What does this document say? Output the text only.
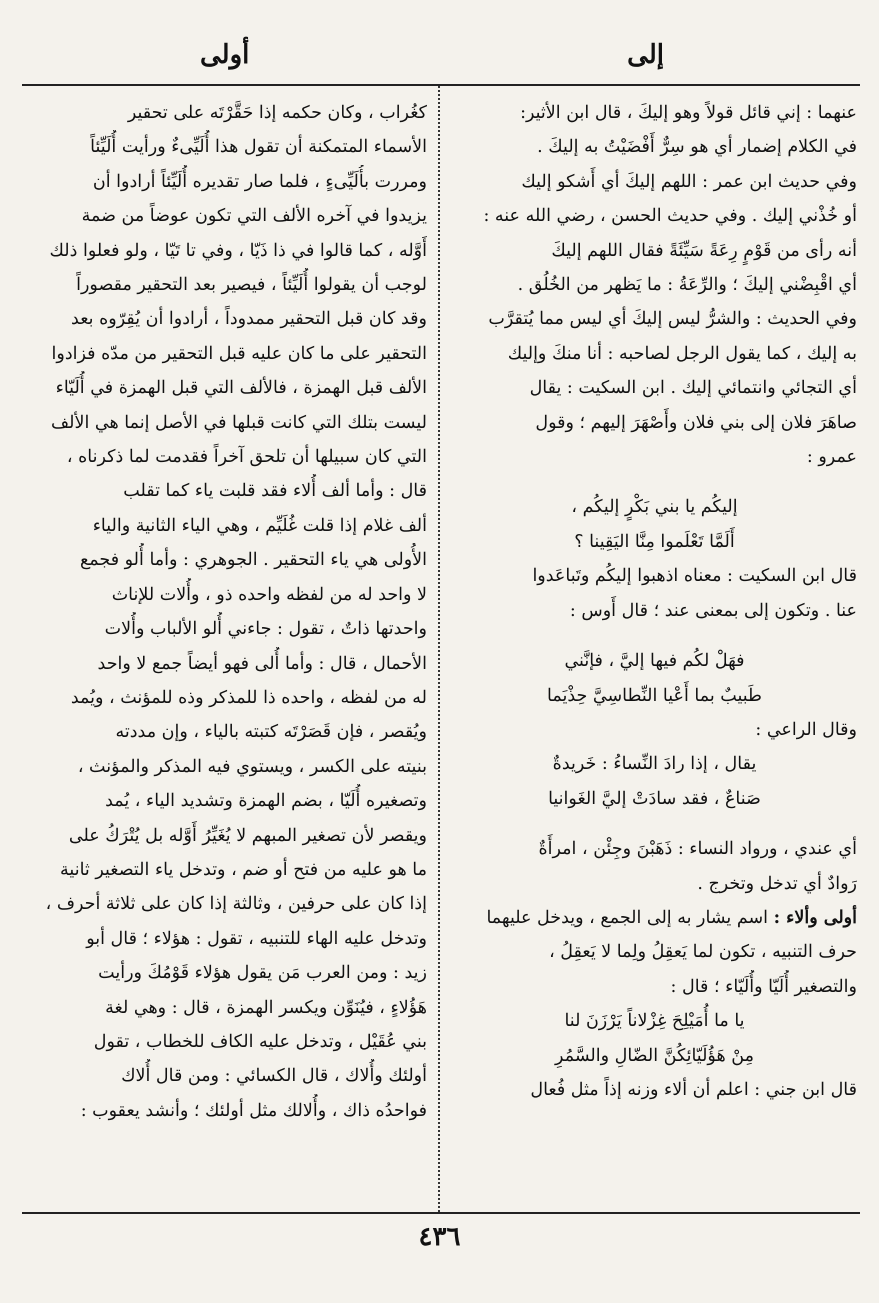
إلى
أولى
عنهما : إني قائل قولاً وهو إليكَ ، قال ابن الأثير:
في الكلام إضمار أي هو سِرٌّ أَفْضَيْتُ به إليكَ .
وفي حديث ابن عمر : اللهم إليكَ أي أَشكو إليك
أو خُذْني إليك . وفي حديث الحسن ، رضي الله عنه :
أنه رأى من قَوْمٍ رِعَةً سَيِّئَةً فقال اللهم إليكَ
أي اقْبِضْني إليكَ ؛ والرِّعَةُ : ما يَظهر من الخُلُق .
وفي الحديث : والشرُّ ليس إليكَ أي ليس مما يُتقرَّب
به إليك ، كما يقول الرجل لصاحبه : أنا منكَ وإليك
أي التجائي وانتمائي إليك . ابن السكيت : يقال
صاهَرَ فلان إلى بني فلان وأَصْهَرَ إليهم ؛ وقول
عمرو :
إليكُم يا بني بَكْرٍ إليكُم ،
أَلَمَّا تَعْلَموا مِنَّا اليَقِينا ؟
قال ابن السكيت : معناه اذهبوا إليكُم وتَباعَدوا
عنا . وتكون إلى بمعنى عند ؛ قال أَوس :
فهَلْ لكُم فيها إليَّ ، فإنَّني
طَبيبٌ بما أَعْيا النِّطاسِيَّ حِذْيَما
وقال الراعي :
يقال ، إذا رادَ النِّساءُ : خَريدةٌ
صَناعٌ ، فقد سادَتْ إليَّ الغَوانيا
أي عندي ، ورواد النساء : ذَهَبْنَ وجِئْن ، امرأَةٌ
رَوادٌ أي تدخل وتخرج .
أولى وألاء : اسم يشار به إلى الجمع ، ويدخل عليهما
حرف التنبيه ، تكون لما يَعقِلُ ولِما لا يَعقِلُ ،
والتصغير أُلَيّا وأُلَيّاء ؛ قال :
يا ما أُمَيْلِحَ غِزْلاناً يَرْزَنَ لنا
مِنْ هَؤُلَيّائِكُنَّ الضّالِ والسَّمُرِ
قال ابن جني : اعلم أن ألاء وزنه إذاً مثل فُعال
كغُراب ، وكان حكمه إذا حَقَّرْتَه على تحقير
الأسماء المتمكنة أن تقول هذا أُلَيِّىءٌ ورأيت أُلَيِّئاً
ومررت بأُلَيِّىءٍ ، فلما صار تقديره أُلَيِّئاً أرادوا أن
يزيدوا في آخره الألف التي تكون عوضاً من ضمة
أَوَّله ، كما قالوا في ذا ذَيّا ، وفي تا تَيّا ، ولو فعلوا ذلك
لوجب أن يقولوا أُلَيِّئاً ، فيصير بعد التحقير مقصوراً
وقد كان قبل التحقير ممدوداً ، أرادوا أن يُقِرّوه بعد
التحقير على ما كان عليه قبل التحقير من مدّه فزادوا
الألف قبل الهمزة ، فالألف التي قبل الهمزة في أُلَيّاء
ليست بتلك التي كانت قبلها في الأصل إنما هي الألف
التي كان سبيلها أن تلحق آخراً فقدمت لما ذكرناه ،
قال : وأما ألف أُلاء فقد قلبت ياء كما تقلب
ألف غلام إذا قلت غُلَيِّم ، وهي الياء الثانية والياء
الأُولى هي ياء التحقير . الجوهري : وأما أُلو فجمع
لا واحد له من لفظه واحده ذو ، وأُلات للإناث
واحدتها ذاتٌ ، تقول : جاءني أُلو الألباب وأُلات
الأحمال ، قال : وأما أُلى فهو أيضاً جمع لا واحد
له من لفظه ، واحده ذا للمذكر وذه للمؤنث ، ويُمد
ويُقصر ، فإن قَصَرْتَه كتبته بالياء ، وإن مددته
بنيته على الكسر ، ويستوي فيه المذكر والمؤنث ،
وتصغيره أُلَيّا ، بضم الهمزة وتشديد الياء ، يُمد
ويقصر لأن تصغير المبهم لا يُغَيِّرُ أَوَّله بل يُتْرَكُ على
ما هو عليه من فتح أو ضم ، وتدخل ياء التصغير ثانية
إذا كان على حرفين ، وثالثة إذا كان على ثلاثة أحرف ،
وتدخل عليه الهاء للتنبيه ، تقول : هؤلاء ؛ قال أبو
زيد : ومن العرب مَن يقول هؤلاء قَوْمُكَ ورأيت
هَؤُلاءٍ ، فيُنَوِّن ويكسر الهمزة ، قال : وهي لغة
بني عُقَيْل ، وتدخل عليه الكاف للخطاب ، تقول
أولئك وأُلاك ، قال الكسائي : ومن قال أُلاك
فواحدُه ذاك ، وأُلالك مثل أولئك ؛ وأنشد يعقوب :
٤٣٦
